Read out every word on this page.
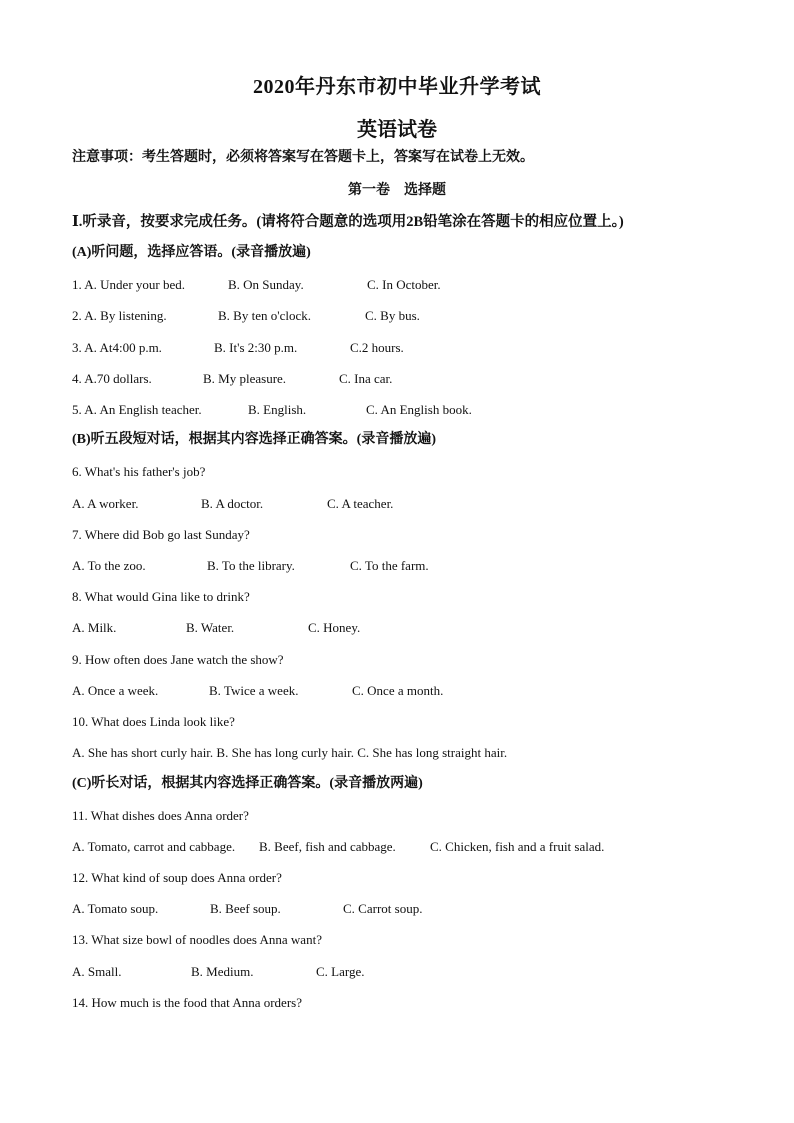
2020年丹东市初中毕业升学考试
英语试卷
注意事项：考生答题时，必须将答案写在答题卡上，答案写在试卷上无效。
第一卷　选择题
Ⅰ.听录音，按要求完成任务。(请将符合题意的选项用2B铅笔涂在答题卡的相应位置上。)
(A)听问题，选择应答语。(录音播放遍)
1. A. Under your bed.	B. On Sunday.	C. In October.
2. A. By listening.	B. By ten o'clock.	C. By bus.
3. A. At4:00 p.m.	B. It's 2:30 p.m.	C.2 hours.
4. A.70 dollars.	B. My pleasure.	C. Ina car.
5. A. An English teacher.	B. English.	C. An English book.
(B)听五段短对话，根据其内容选择正确答案。(录音播放遍)
6. What's his father's job?
A. A worker.	B. A doctor.	C. A teacher.
7. Where did Bob go last Sunday?
A. To the zoo.	B. To the library.	C. To the farm.
8. What would Gina like to drink?
A. Milk.	B. Water.	C. Honey.
9. How often does Jane watch the show?
A. Once a week.	B. Twice a week.	C. Once a month.
10. What does Linda look like?
A. She has short curly hair. B. She has long curly hair. C. She has long straight hair.
(C)听长对话，根据其内容选择正确答案。(录音播放两遍)
11. What dishes does Anna order?
A. Tomato, carrot and cabbage. B. Beef, fish and cabbage.	C. Chicken, fish and a fruit salad.
12. What kind of soup does Anna order?
A. Tomato soup.	B. Beef soup.	C. Carrot soup.
13. What size bowl of noodles does Anna want?
A. Small.	B. Medium.	C. Large.
14. How much is the food that Anna orders?
